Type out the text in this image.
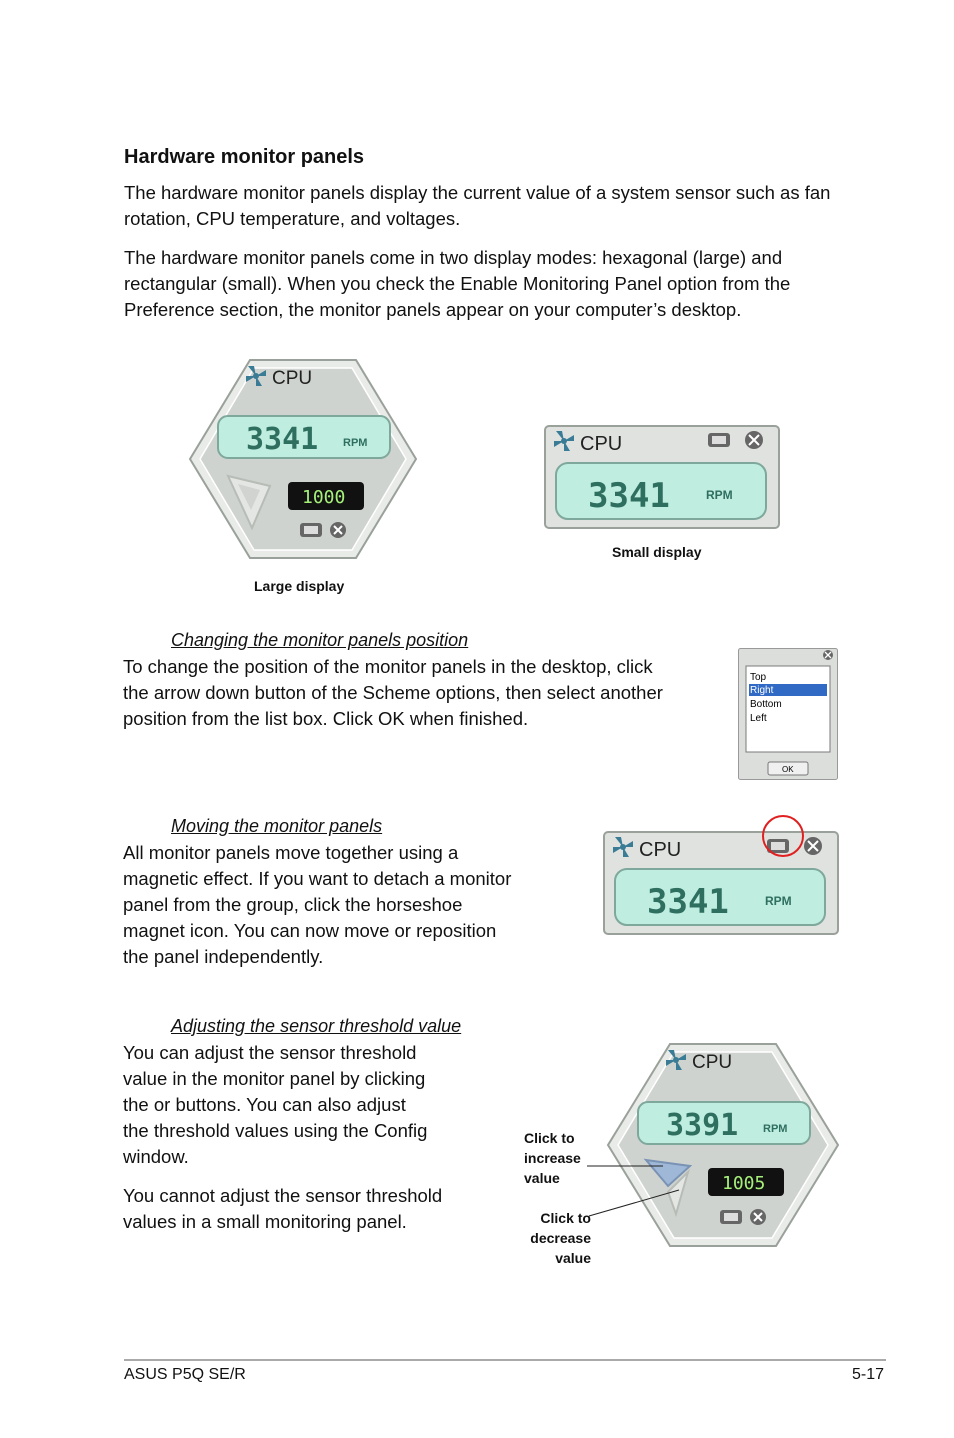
Hardware monitor panels
The hardware monitor panels display the current value of a system sensor such as fan rotation, CPU temperature, and voltages.
The hardware monitor panels come in two display modes: hexagonal (large) and rectangular (small). When you check the Enable Monitoring Panel option from the Preference section, the monitor panels appear on your computer’s desktop.
CPU
3341 RPM
1000
Large display
CPU
3341	RPM
Small display
Changing the monitor panels position
To change the position of the monitor panels in the desktop, click
the arrow down button of the Scheme options, then select another
position from the list box. Click OK when finished.
Top
Right
Bottom
Left
OK
Moving the monitor panels
All monitor panels move together using a
magnetic effect. If you want to detach a monitor
panel from the group, click the horseshoe
magnet icon. You can now move or reposition
the panel independently.
CPU
3341	RPM
Adjusting the sensor threshold value
You can adjust the sensor threshold
value in the monitor panel by clicking
the or buttons. You can also adjust
the threshold values using the Config
window.
You cannot adjust the sensor threshold
values in a small monitoring panel.
CPU
3391 RPM
1005
Click to
increase
value
Click to
decrease
value
ASUS P5Q SE/R	5-17
